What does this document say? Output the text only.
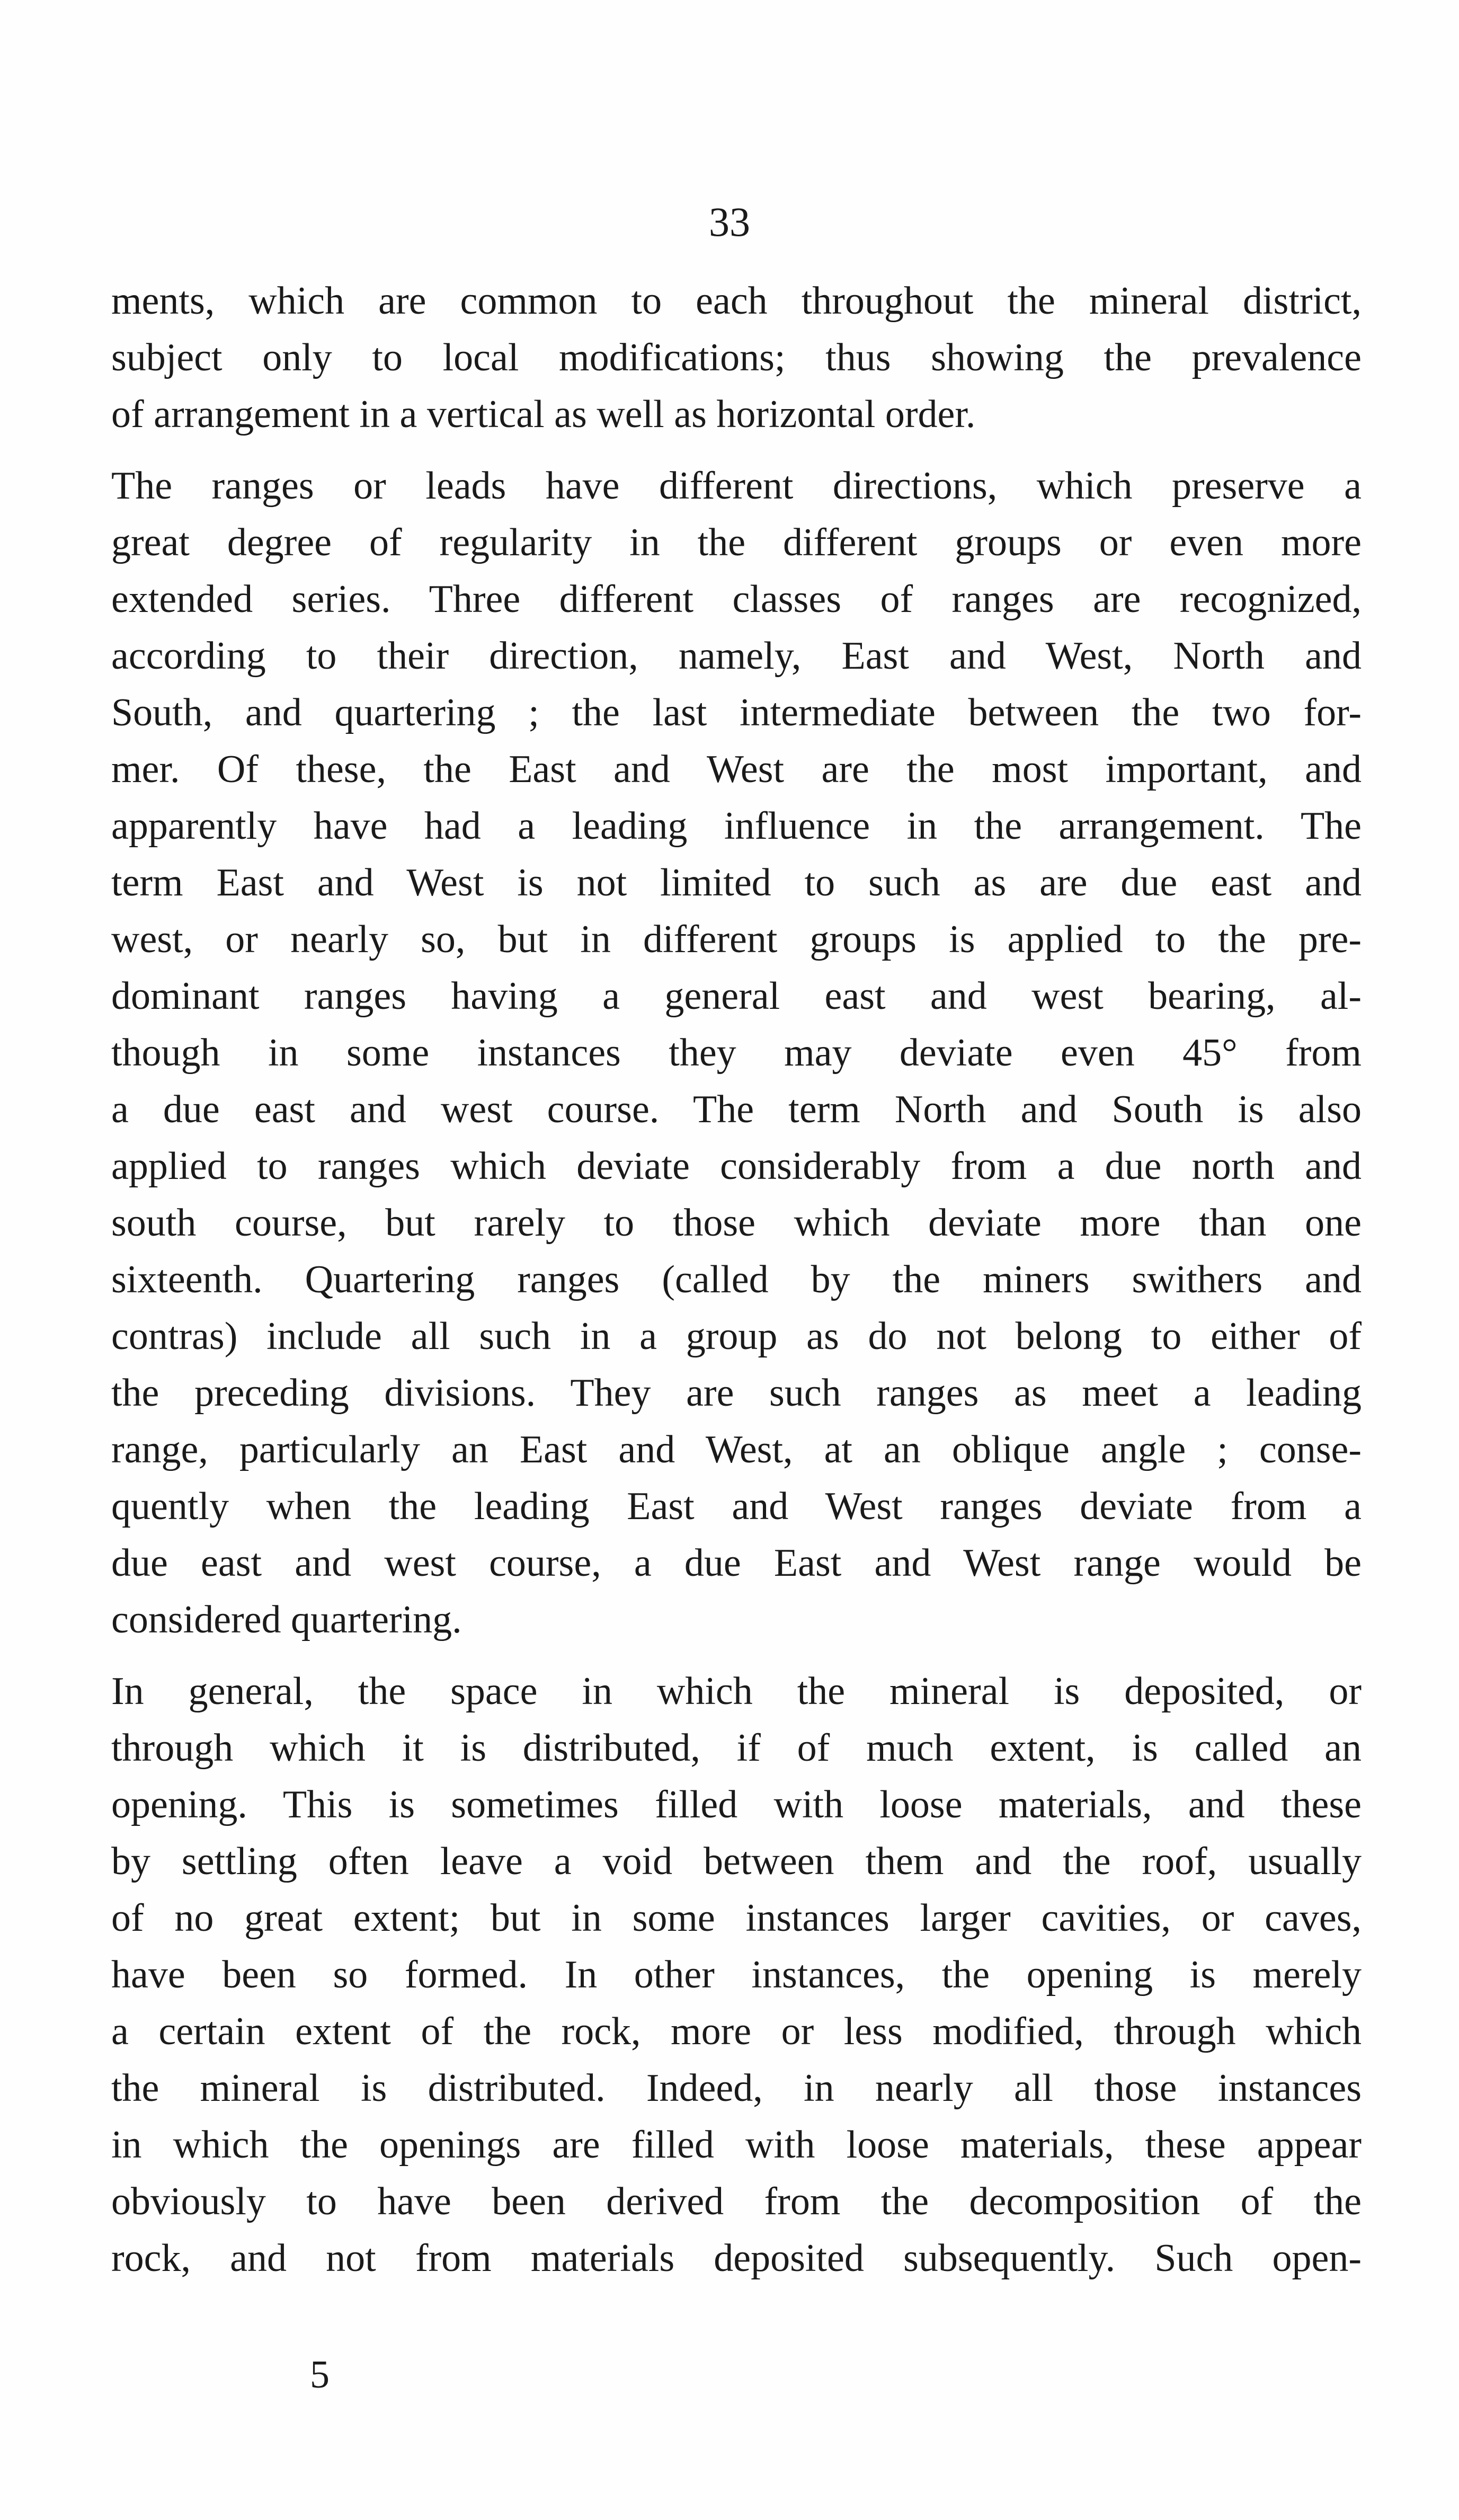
33
ments, which are common to each throughout the mineral district,
subject only to local modifications; thus showing the prevalence
of arrangement in a vertical as well as horizontal order.
The ranges or leads have different directions, which preserve a
great degree of regularity in the different groups or even more
extended series. Three different classes of ranges are recognized,
according to their direction, namely, East and West, North and
South, and quartering ; the last intermediate between the two for-
mer. Of these, the East and West are the most important, and
apparently have had a leading influence in the arrangement. The
term East and West is not limited to such as are due east and
west, or nearly so, but in different groups is applied to the pre-
dominant ranges having a general east and west bearing, al-
though in some instances they may deviate even 45° from
a due east and west course. The term North and South is also
applied to ranges which deviate considerably from a due north and
south course, but rarely to those which deviate more than one
sixteenth. Quartering ranges (called by the miners swithers and
contras) include all such in a group as do not belong to either of
the preceding divisions. They are such ranges as meet a leading
range, particularly an East and West, at an oblique angle ; conse-
quently when the leading East and West ranges deviate from a
due east and west course, a due East and West range would be
considered quartering.
In general, the space in which the mineral is deposited, or
through which it is distributed, if of much extent, is called an
opening. This is sometimes filled with loose materials, and these
by settling often leave a void between them and the roof, usually
of no great extent; but in some instances larger cavities, or caves,
have been so formed. In other instances, the opening is merely
a certain extent of the rock, more or less modified, through which
the mineral is distributed. Indeed, in nearly all those instances
in which the openings are filled with loose materials, these appear
obviously to have been derived from the decomposition of the
rock, and not from materials deposited subsequently. Such open-
5
